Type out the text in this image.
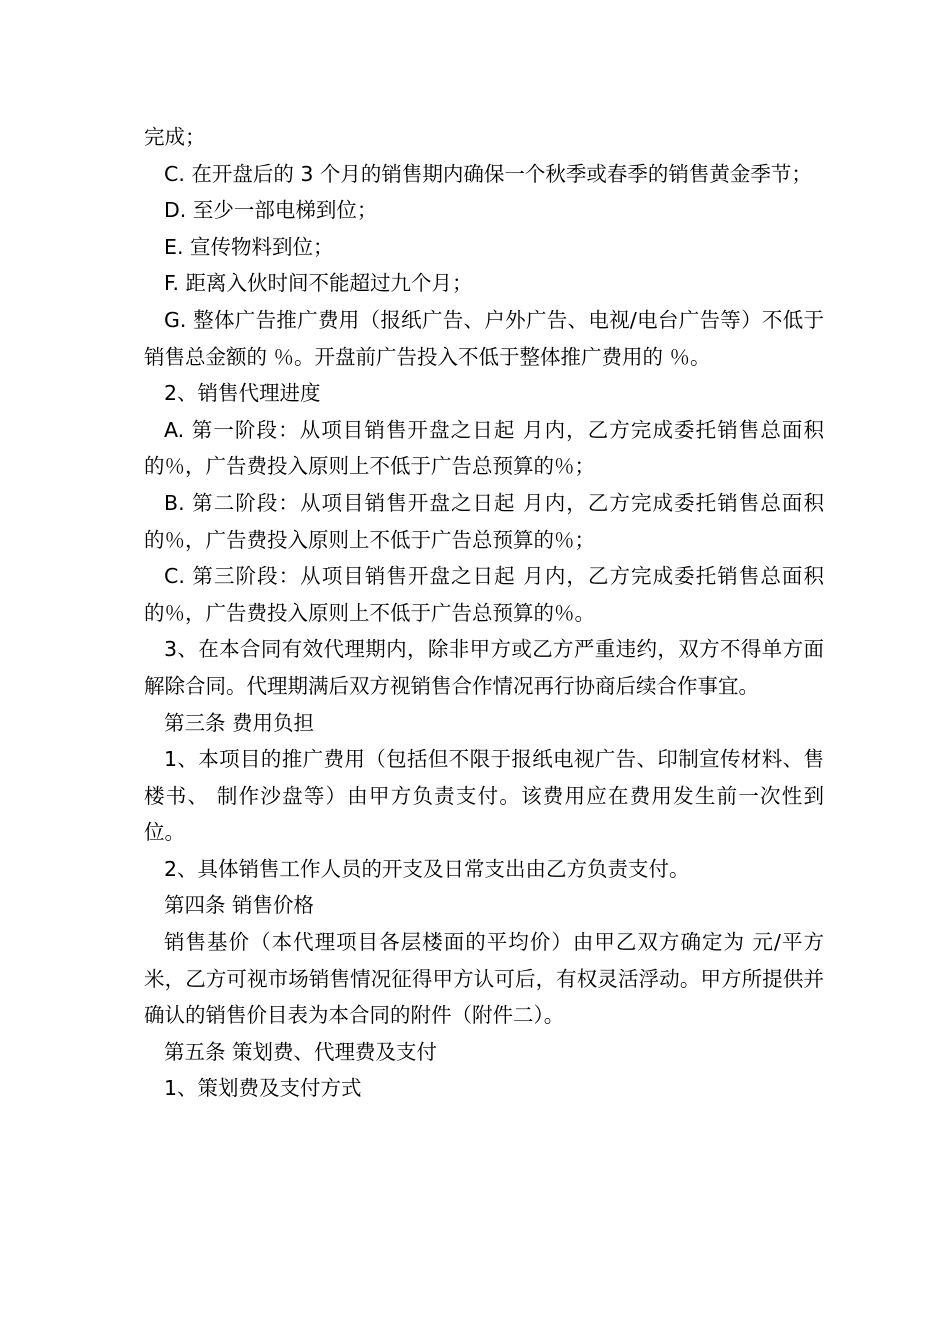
完成；

C. 在开盘后的 3 个月的销售期内确保一个秋季或春季的销售黄金季节；

D. 至少一部电梯到位；

E. 宣传物料到位；

F. 距离入伙时间不能超过九个月；

G. 整体广告推广费用（报纸广告、户外广告、电视/电台广告等）不低于销售总金额的 ％。开盘前广告投入不低于整体推广费用的 ％。

2、销售代理进度

A. 第一阶段：从项目销售开盘之日起 月内，乙方完成委托销售总面积的％，广告费投入原则上不低于广告总预算的％；

B. 第二阶段：从项目销售开盘之日起 月内，乙方完成委托销售总面积的％，广告费投入原则上不低于广告总预算的％；

C. 第三阶段：从项目销售开盘之日起 月内，乙方完成委托销售总面积的％，广告费投入原则上不低于广告总预算的％。

3、在本合同有效代理期内，除非甲方或乙方严重违约，双方不得单方面解除合同。代理期满后双方视销售合作情况再行协商后续合作事宜。

第三条 费用负担

1、本项目的推广费用（包括但不限于报纸电视广告、印制宣传材料、售楼书、 制作沙盘等）由甲方负责支付。该费用应在费用发生前一次性到位。

2、具体销售工作人员的开支及日常支出由乙方负责支付。

第四条 销售价格

销售基价（本代理项目各层楼面的平均价）由甲乙双方确定为 元/平方米，乙方可视市场销售情况征得甲方认可后，有权灵活浮动。甲方所提供并确认的销售价目表为本合同的附件（附件二）。

第五条 策划费、代理费及支付

1、策划费及支付方式
